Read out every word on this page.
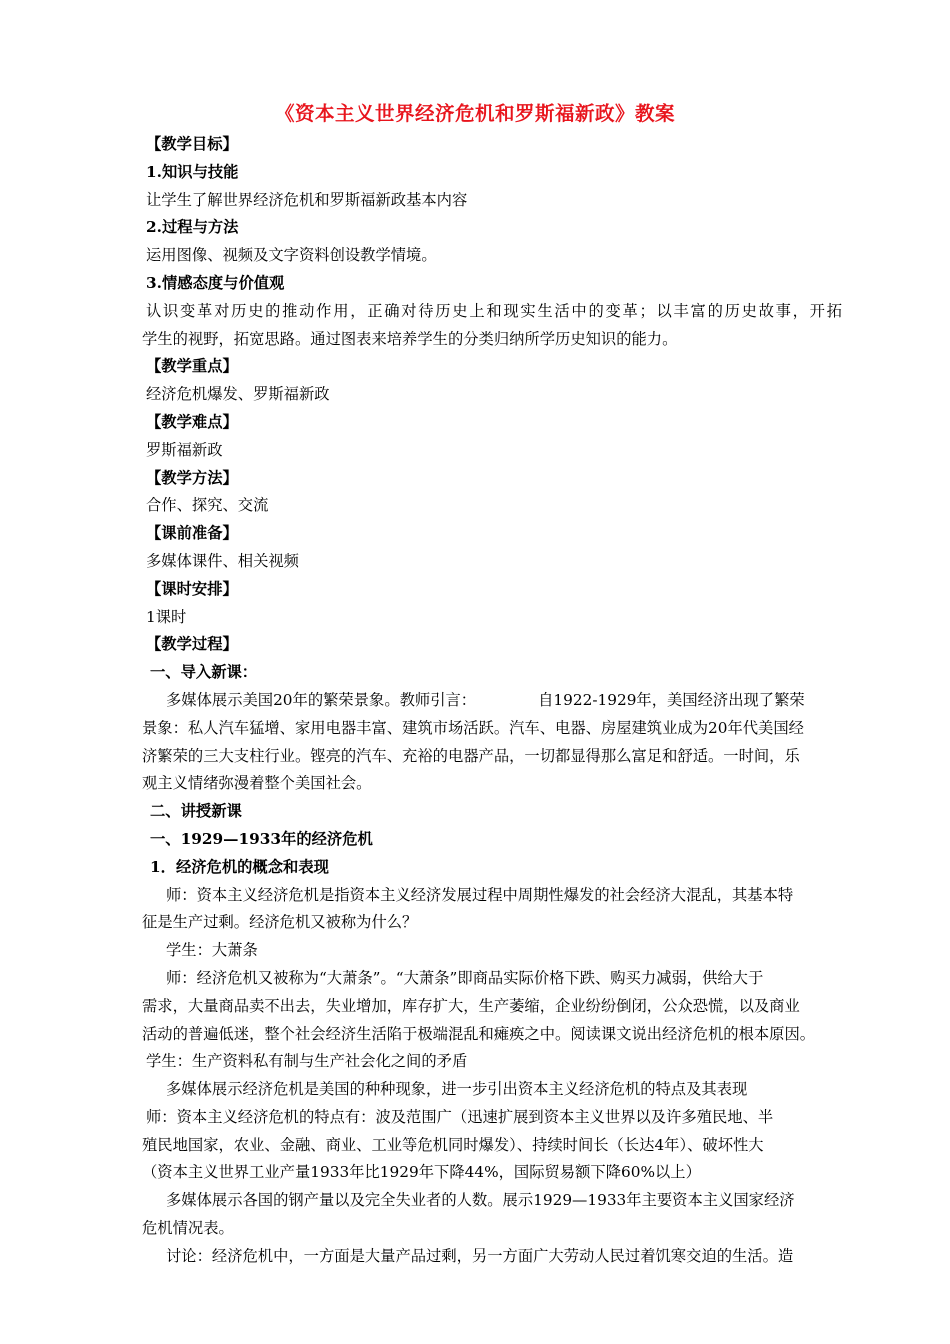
《资本主义世界经济危机和罗斯福新政》教案
【教学目标】
1.知识与技能
让学生了解世界经济危机和罗斯福新政基本内容
2.过程与方法
运用图像、视频及文字资料创设教学情境。
3.情感态度与价值观
认识变革对历史的推动作用，正确对待历史上和现实生活中的变革；以丰富的历史故事，开拓
学生的视野，拓宽思路。通过图表来培养学生的分类归纳所学历史知识的能力。
【教学重点】
经济危机爆发、罗斯福新政
【教学难点】
罗斯福新政
【教学方法】
合作、探究、交流
【课前准备】
多媒体课件、相关视频
【课时安排】
1课时
【教学过程】
一、导入新课：
多媒体展示美国20年的繁荣景象。教师引言：	自1922-1929年，美国经济出现了繁荣
景象：私人汽车猛增、家用电器丰富、建筑市场活跃。汽车、电器、房屋建筑业成为20年代美国经
济繁荣的三大支柱行业。铿亮的汽车、充裕的电器产品，一切都显得那么富足和舒适。一时间，乐
观主义情绪弥漫着整个美国社会。
二、讲授新课
一、1929—1933年的经济危机
1．经济危机的概念和表现
师：资本主义经济危机是指资本主义经济发展过程中周期性爆发的社会经济大混乱，其基本特
征是生产过剩。经济危机又被称为什么？
学生：大萧条
师：经济危机又被称为“大萧条”。“大萧条”即商品实际价格下跌、购买力减弱，供给大于
需求，大量商品卖不出去，失业增加，库存扩大，生产萎缩，企业纷纷倒闭，公众恐慌，以及商业
活动的普遍低迷，整个社会经济生活陷于极端混乱和瘫痪之中。阅读课文说出经济危机的根本原因。
学生：生产资料私有制与生产社会化之间的矛盾
多媒体展示经济危机是美国的种种现象，进一步引出资本主义经济危机的特点及其表现
师：资本主义经济危机的特点有：波及范围广（迅速扩展到资本主义世界以及许多殖民地、半
殖民地国家，农业、金融、商业、工业等危机同时爆发）、持续时间长（长达4年）、破坏性大
（资本主义世界工业产量1933年比1929年下降44%，国际贸易额下降60%以上）
多媒体展示各国的钢产量以及完全失业者的人数。展示1929—1933年主要资本主义国家经济
危机情况表。
讨论：经济危机中，一方面是大量产品过剩，另一方面广大劳动人民过着饥寒交迫的生活。造
